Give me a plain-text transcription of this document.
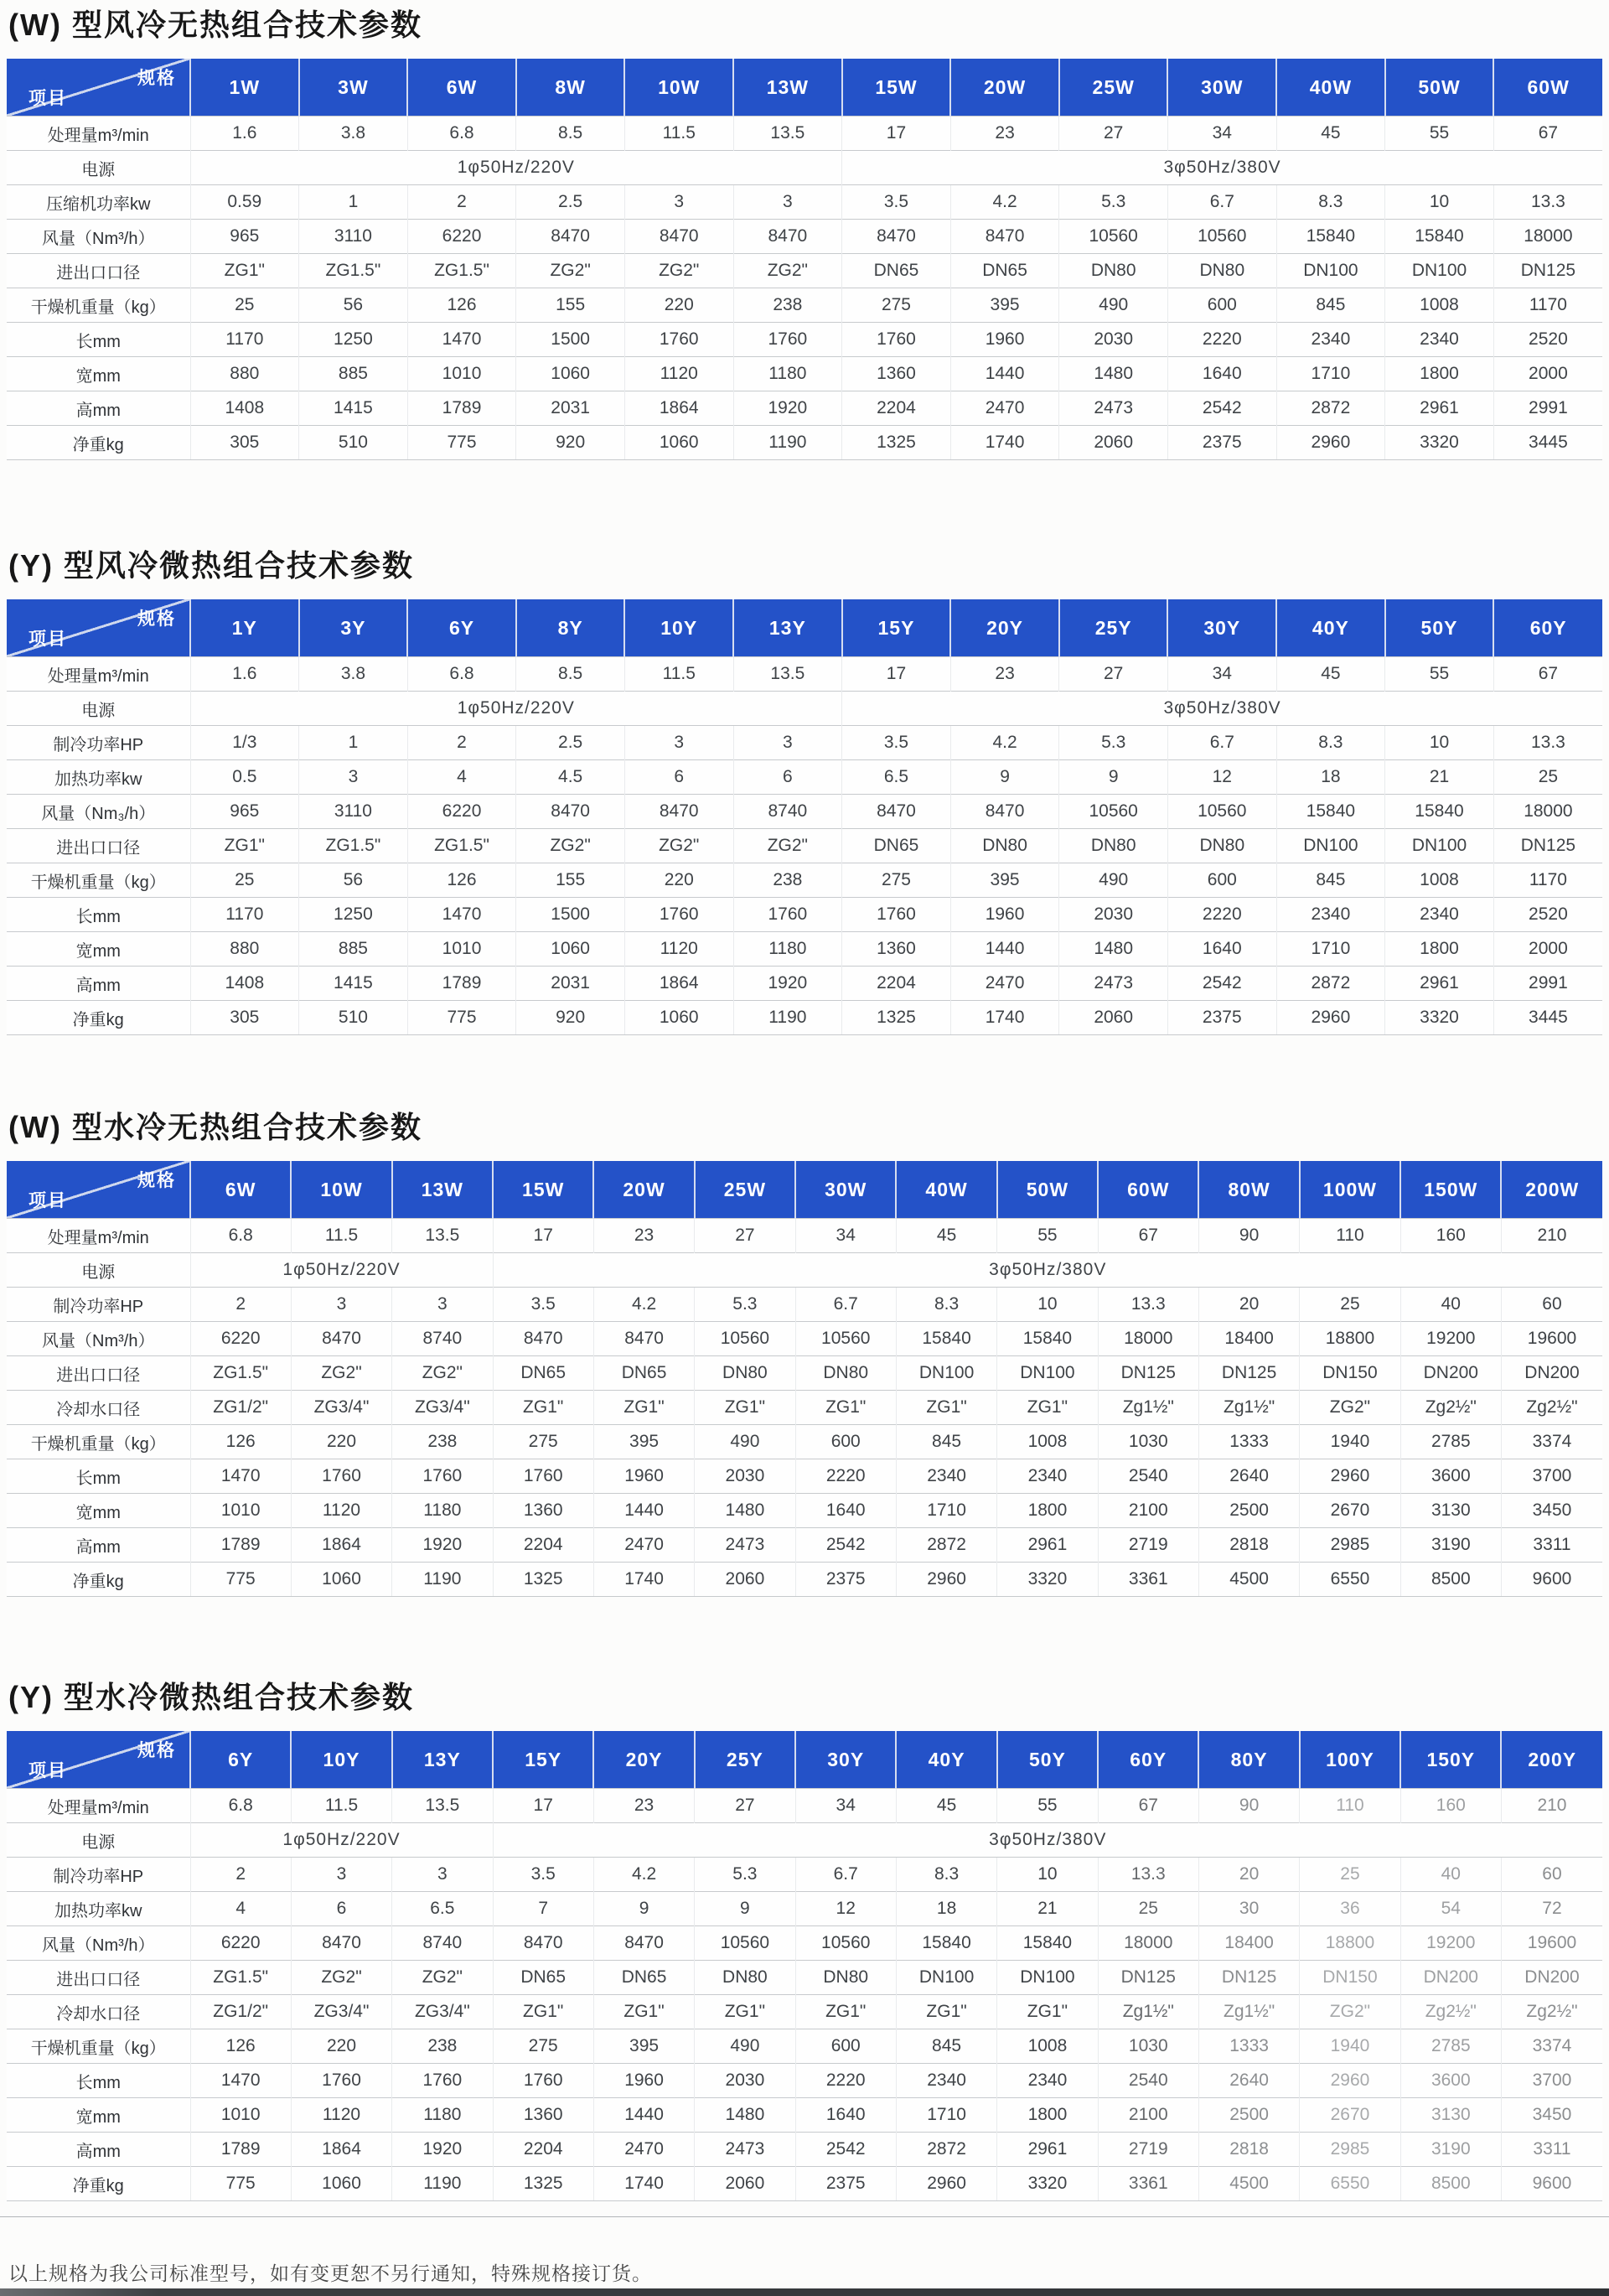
(W) 型风冷无热组合技术参数
规格
项目	1W	3W	6W	8W	10W	13W	15W	20W	25W	30W	40W	50W	60W
处理量m³/min	1.6	3.8	6.8	8.5	11.5	13.5	17	23	27	34	45	55	67
电源	1φ50Hz/220V						3φ50Hz/380V						
压缩机功率kw	0.59	1	2	2.5	3	3	3.5	4.2	5.3	6.7	8.3	10	13.3
风量（Nm³/h）	965	3110	6220	8470	8470	8470	8470	8470	10560	10560	15840	15840	18000
进出口口径	ZG1"	ZG1.5"	ZG1.5"	ZG2"	ZG2"	ZG2"	DN65	DN65	DN80	DN80	DN100	DN100	DN125
干燥机重量（kg）	25	56	126	155	220	238	275	395	490	600	845	1008	1170
长mm	1170	1250	1470	1500	1760	1760	1760	1960	2030	2220	2340	2340	2520
宽mm	880	885	1010	1060	1120	1180	1360	1440	1480	1640	1710	1800	2000
高mm	1408	1415	1789	2031	1864	1920	2204	2470	2473	2542	2872	2961	2991
净重kg	305	510	775	920	1060	1190	1325	1740	2060	2375	2960	3320	3445
(Y) 型风冷微热组合技术参数
规格
项目	1Y	3Y	6Y	8Y	10Y	13Y	15Y	20Y	25Y	30Y	40Y	50Y	60Y
处理量m³/min	1.6	3.8	6.8	8.5	11.5	13.5	17	23	27	34	45	55	67
电源	1φ50Hz/220V						3φ50Hz/380V						
制冷功率HP	1/3	1	2	2.5	3	3	3.5	4.2	5.3	6.7	8.3	10	13.3
加热功率kw	0.5	3	4	4.5	6	6	6.5	9	9	12	18	21	25
风量（Nm₃/h）	965	3110	6220	8470	8470	8740	8470	8470	10560	10560	15840	15840	18000
进出口口径	ZG1"	ZG1.5"	ZG1.5"	ZG2"	ZG2"	ZG2"	DN65	DN80	DN80	DN80	DN100	DN100	DN125
干燥机重量（kg）	25	56	126	155	220	238	275	395	490	600	845	1008	1170
长mm	1170	1250	1470	1500	1760	1760	1760	1960	2030	2220	2340	2340	2520
宽mm	880	885	1010	1060	1120	1180	1360	1440	1480	1640	1710	1800	2000
高mm	1408	1415	1789	2031	1864	1920	2204	2470	2473	2542	2872	2961	2991
净重kg	305	510	775	920	1060	1190	1325	1740	2060	2375	2960	3320	3445
(W) 型水冷无热组合技术参数
规格
项目	6W	10W	13W	15W	20W	25W	30W	40W	50W	60W	80W	100W	150W	200W
处理量m³/min	6.8	11.5	13.5	17	23	27	34	45	55	67	90	110	160	210
电源	1φ50Hz/220V			3φ50Hz/380V										
制冷功率HP	2	3	3	3.5	4.2	5.3	6.7	8.3	10	13.3	20	25	40	60
风量（Nm³/h）	6220	8470	8740	8470	8470	10560	10560	15840	15840	18000	18400	18800	19200	19600
进出口口径	ZG1.5"	ZG2"	ZG2"	DN65	DN65	DN80	DN80	DN100	DN100	DN125	DN125	DN150	DN200	DN200
冷却水口径	ZG1/2"	ZG3/4"	ZG3/4"	ZG1"	ZG1"	ZG1"	ZG1"	ZG1"	ZG1"	Zg1½"	Zg1½"	ZG2"	Zg2½"	Zg2½"
干燥机重量（kg）	126	220	238	275	395	490	600	845	1008	1030	1333	1940	2785	3374
长mm	1470	1760	1760	1760	1960	2030	2220	2340	2340	2540	2640	2960	3600	3700
宽mm	1010	1120	1180	1360	1440	1480	1640	1710	1800	2100	2500	2670	3130	3450
高mm	1789	1864	1920	2204	2470	2473	2542	2872	2961	2719	2818	2985	3190	3311
净重kg	775	1060	1190	1325	1740	2060	2375	2960	3320	3361	4500	6550	8500	9600
(Y) 型水冷微热组合技术参数
规格
项目	6Y	10Y	13Y	15Y	20Y	25Y	30Y	40Y	50Y	60Y	80Y	100Y	150Y	200Y
处理量m³/min	6.8	11.5	13.5	17	23	27	34	45	55	67	90	110	160	210
电源	1φ50Hz/220V			3φ50Hz/380V										
制冷功率HP	2	3	3	3.5	4.2	5.3	6.7	8.3	10	13.3	20	25	40	60
加热功率kw	4	6	6.5	7	9	9	12	18	21	25	30	36	54	72
风量（Nm³/h）	6220	8470	8740	8470	8470	10560	10560	15840	15840	18000	18400	18800	19200	19600
进出口口径	ZG1.5"	ZG2"	ZG2"	DN65	DN65	DN80	DN80	DN100	DN100	DN125	DN125	DN150	DN200	DN200
冷却水口径	ZG1/2"	ZG3/4"	ZG3/4"	ZG1"	ZG1"	ZG1"	ZG1"	ZG1"	ZG1"	Zg1½"	Zg1½"	ZG2"	Zg2½"	Zg2½"
干燥机重量（kg）	126	220	238	275	395	490	600	845	1008	1030	1333	1940	2785	3374
长mm	1470	1760	1760	1760	1960	2030	2220	2340	2340	2540	2640	2960	3600	3700
宽mm	1010	1120	1180	1360	1440	1480	1640	1710	1800	2100	2500	2670	3130	3450
高mm	1789	1864	1920	2204	2470	2473	2542	2872	2961	2719	2818	2985	3190	3311
净重kg	775	1060	1190	1325	1740	2060	2375	2960	3320	3361	4500	6550	8500	9600

以上规格为我公司标准型号，如有变更恕不另行通知，特殊规格接订货。
